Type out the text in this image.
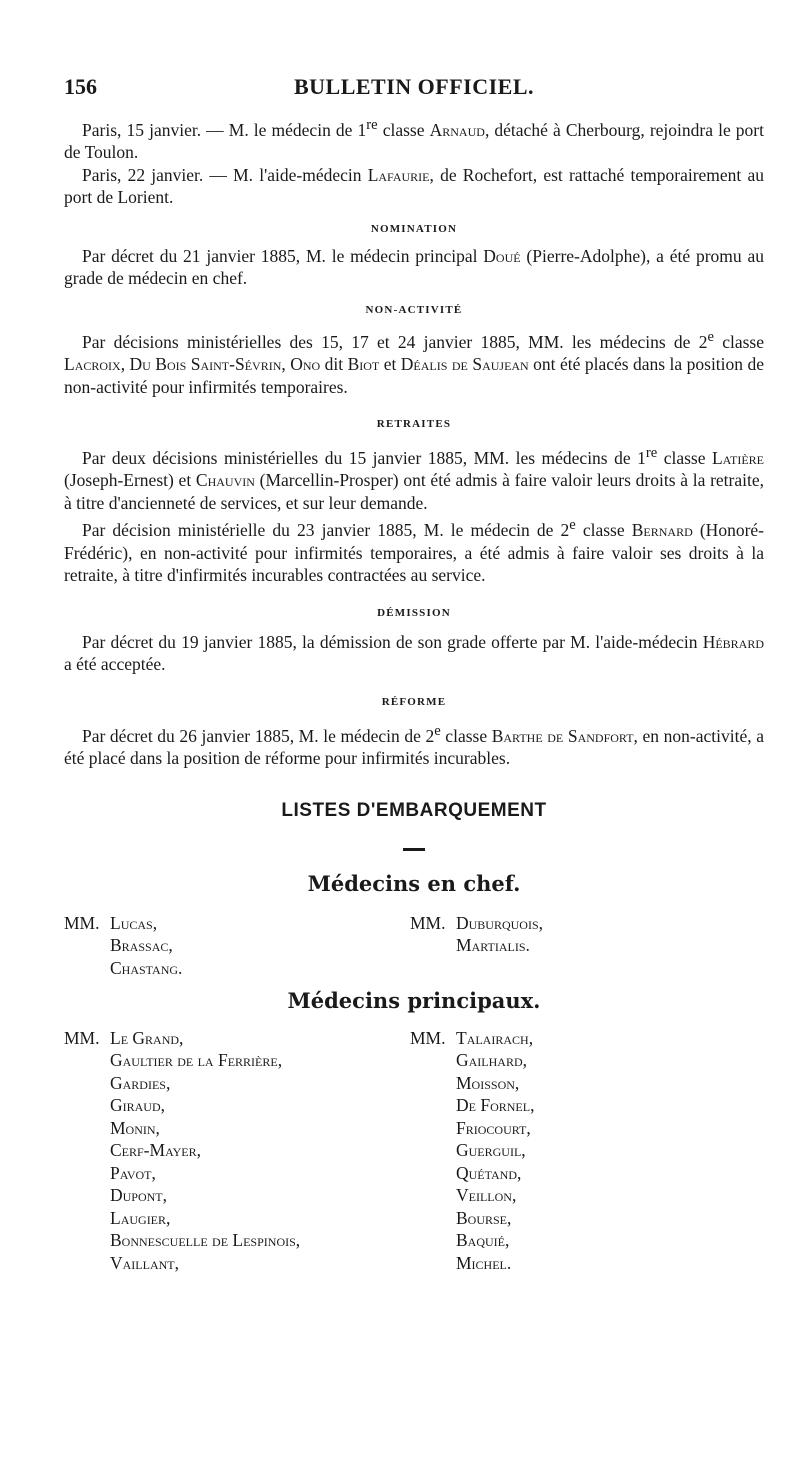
156	BULLETIN OFFICIEL.

Paris, 15 janvier. — M. le médecin de 1re classe Arnaud, détaché à Cherbourg, rejoindra le port de Toulon.

Paris, 22 janvier. — M. l'aide-médecin Lafaurie, de Rochefort, est rattaché temporairement au port de Lorient.

NOMINATION

Par décret du 21 janvier 1885, M. le médecin principal Doué (Pierre-Adolphe), a été promu au grade de médecin en chef.

NON-ACTIVITÉ

Par décisions ministérielles des 15, 17 et 24 janvier 1885, MM. les médecins de 2e classe Lacroix, Du Bois Saint-Sévrin, Ono dit Biot et Déalis de Saujean ont été placés dans la position de non-activité pour infirmités temporaires.

RETRAITES

Par deux décisions ministérielles du 15 janvier 1885, MM. les médecins de 1re classe Latière (Joseph-Ernest) et Chauvin (Marcellin-Prosper) ont été admis à faire valoir leurs droits à la retraite, à titre d'ancienneté de services, et sur leur demande.

Par décision ministérielle du 23 janvier 1885, M. le médecin de 2e classe Bernard (Honoré-Frédéric), en non-activité pour infirmités temporaires, a été admis à faire valoir ses droits à la retraite, à titre d'infirmités incurables contractées au service.

DÉMISSION

Par décret du 19 janvier 1885, la démission de son grade offerte par M. l'aide-médecin Hébrard a été acceptée.

RÉFORME

Par décret du 26 janvier 1885, M. le médecin de 2e classe Barthe de Sandfort, en non-activité, a été placé dans la position de réforme pour infirmités incurables.

LISTES D'EMBARQUEMENT
Médecins en chef.
MM. Lucas,
Brassac,
Chastang.
MM. Duburquois,
Martialis.
Médecins principaux.
MM. Le Grand,
Gaultier de la Ferrière,
Gardies,
Giraud,
Monin,
Cerf-Mayer,
Pavot,
Dupont,
Laugier,
Bonnescuelle de Lespinois,
Vaillant,
MM. Talairach,
Gailhard,
Moisson,
De Fornel,
Friocourt,
Guerguil,
Quétand,
Veillon,
Bourse,
Baquié,
Michel.
